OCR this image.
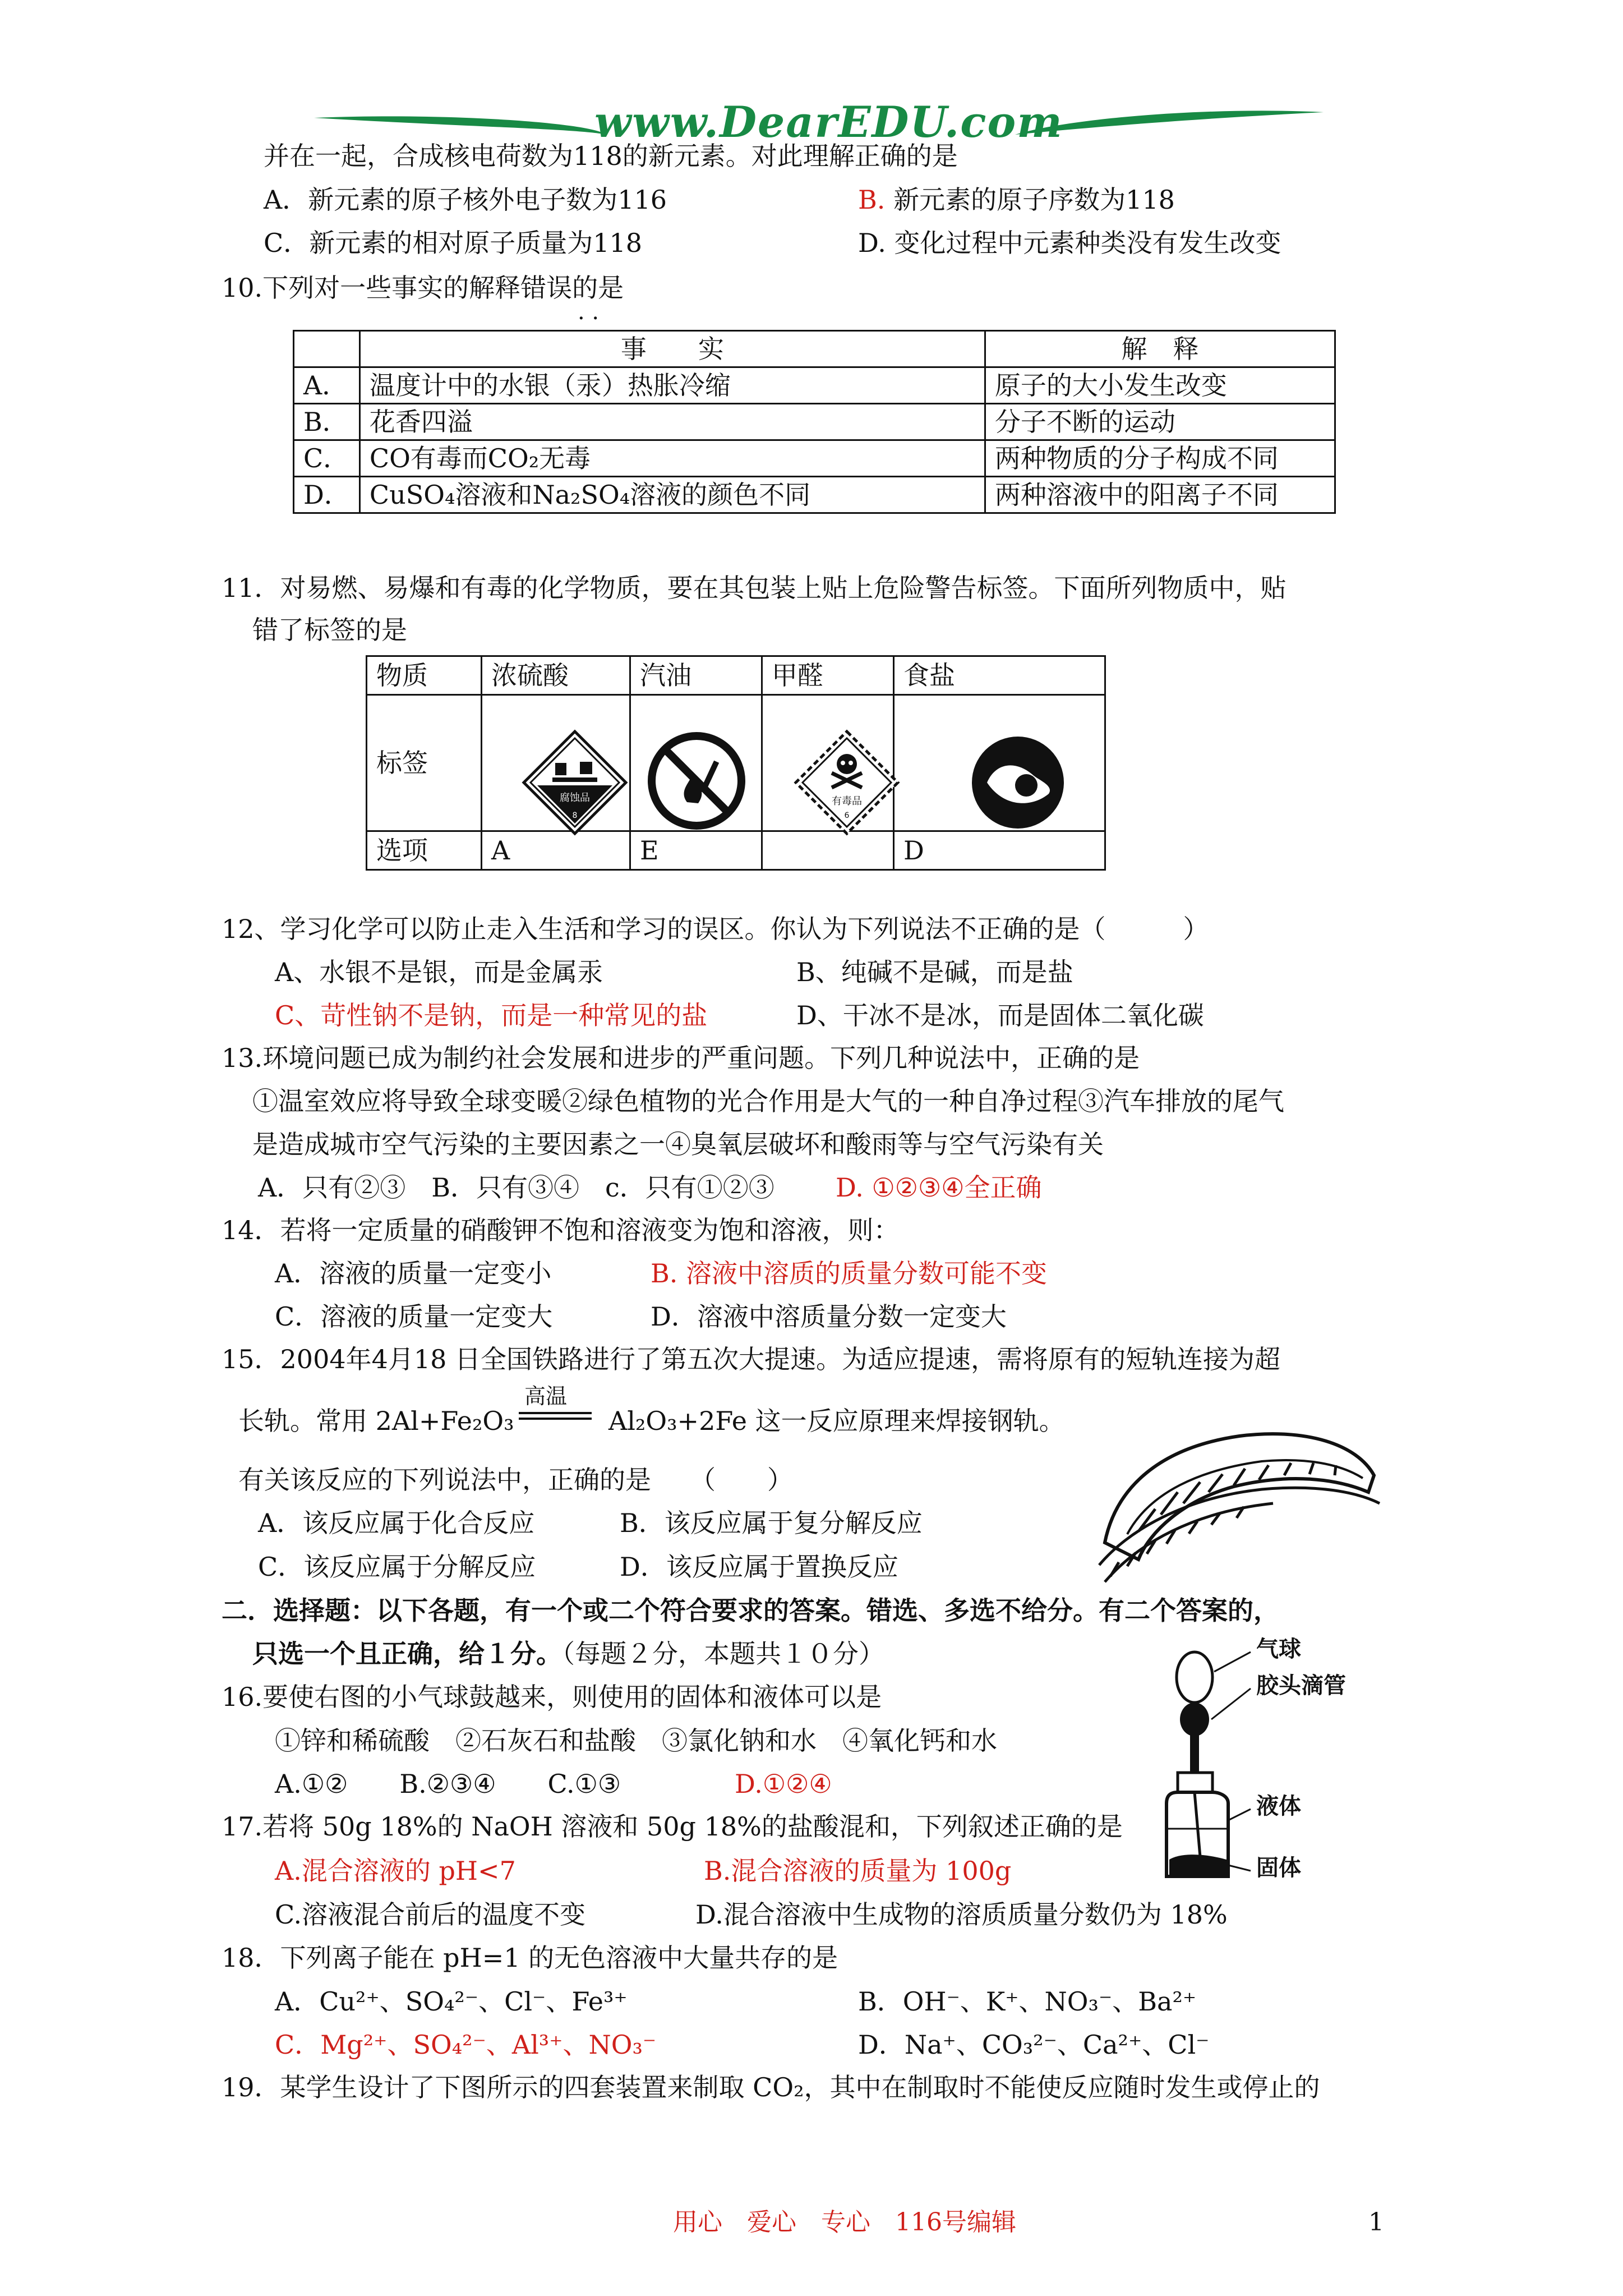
www.DearEDU.com
并在一起，合成核电荷数为118的新元素。对此理解正确的是
A．新元素的原子核外电子数为116	B. 新元素的原子序数为118
C．新元素的相对原子质量为118	D. 变化过程中元素种类没有发生改变
10.下列对一些事实的解释错误的是
· ·
	事　　实	解　释
A．	温度计中的水银（汞）热胀冷缩	原子的大小发生改变
B．	花香四溢	分子不断的运动
C．	CO有毒而CO₂无毒	两种物质的分子构成不同
D．	CuSO₄溶液和Na₂SO₄溶液的颜色不同	两种溶液中的阳离子不同
11．对易燃、易爆和有毒的化学物质，要在其包装上贴上危险警告标签。下面所列物质中，贴
错了标签的是
物质	浓硫酸	汽油	甲醛	食盐
标签				
选项	A	E		D
腐蚀品
8
有毒品
6
12、学习化学可以防止走入生活和学习的误区。你认为下列说法不正确的是（　　　）
A、水银不是银，而是金属汞	B、纯碱不是碱，而是盐
C、苛性钠不是钠，而是一种常见的盐	D、干冰不是冰，而是固体二氧化碳
13.环境问题已成为制约社会发展和进步的严重问题。下列几种说法中，正确的是
①温室效应将导致全球变暖②绿色植物的光合作用是大气的一种自净过程③汽车排放的尾气
是造成城市空气污染的主要因素之一④臭氧层破坏和酸雨等与空气污染有关
A．只有②③　B．只有③④　c．只有①②③ D. ①②③④全正确
14．若将一定质量的硝酸钾不饱和溶液变为饱和溶液，则：
A．溶液的质量一定变小	B. 溶液中溶质的质量分数可能不变
C．溶液的质量一定变大	D．溶液中溶质量分数一定变大
15．2004年4月18 日全国铁路进行了第五次大提速。为适应提速，需将原有的短轨连接为超
长轨。常用 2Al+Fe₂O₃
高温
Al₂O₃+2Fe 这一反应原理来焊接钢轨。
有关该反应的下列说法中，正确的是　　（　　）
A．该反应属于化合反应	B．该反应属于复分解反应
C．该反应属于分解反应	D．该反应属于置换反应
二．选择题：以下各题，有一个或二个符合要求的答案。错选、多选不给分。有二个答案的，
只选一个且正确，给１分。（每题２分，本题共１０分）
16.要使右图的小气球鼓越来，则使用的固体和液体可以是
①锌和稀硫酸　②石灰石和盐酸　③氯化钠和水　④氧化钙和水
A.①②　　B.②③④　　C.①③	D.①②④
气球
胶头滴管
液体
固体
17.若将 50g 18%的 NaOH 溶液和 50g 18%的盐酸混和，下列叙述正确的是
A.混合溶液的 pH<7	B.混合溶液的质量为 100g
C.溶液混合前后的温度不变	D.混合溶液中生成物的溶质质量分数仍为 18%
18．下列离子能在 pH=1 的无色溶液中大量共存的是
A．Cu²⁺、SO₄²⁻、Cl⁻、Fe³⁺	B．OH⁻、K⁺、NO₃⁻、Ba²⁺
C．Mg²⁺、SO₄²⁻、Al³⁺、NO₃⁻	D．Na⁺、CO₃²⁻、Ca²⁺、Cl⁻
19．某学生设计了下图所示的四套装置来制取 CO₂，其中在制取时不能使反应随时发生或停止的
用心　爱心　专心　116号编辑	1
